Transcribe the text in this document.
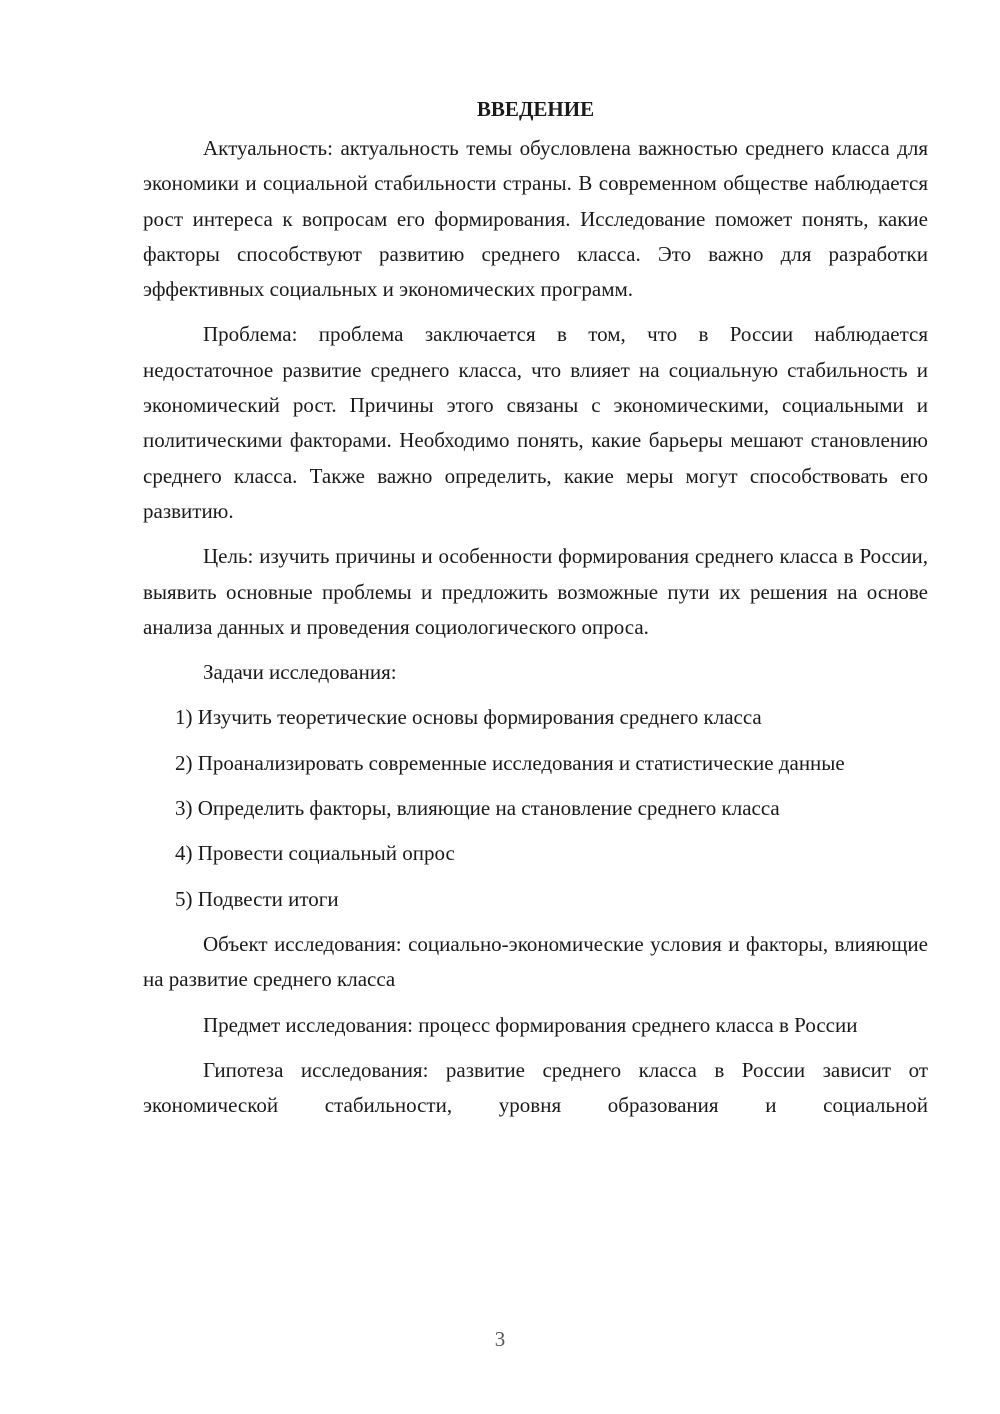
ВВЕДЕНИЕ

Актуальность: актуальность темы обусловлена важностью среднего класса для экономики и социальной стабильности страны. В современном обществе наблюдается рост интереса к вопросам его формирования. Исследование поможет понять, какие факторы способствуют развитию среднего класса. Это важно для разработки эффективных социальных и экономических программ.

Проблема: проблема заключается в том, что в России наблюдается недостаточное развитие среднего класса, что влияет на социальную стабильность и экономический рост. Причины этого связаны с экономическими, социальными и политическими факторами. Необходимо понять, какие барьеры мешают становлению среднего класса. Также важно определить, какие меры могут способствовать его развитию.

Цель: изучить причины и особенности формирования среднего класса в России, выявить основные проблемы и предложить возможные пути их решения на основе анализа данных и проведения социологического опроса.

Задачи исследования:

1) Изучить теоретические основы формирования среднего класса

2) Проанализировать современные исследования и статистические данные

3) Определить факторы, влияющие на становление среднего класса

4) Провести социальный опрос

5) Подвести итоги

Объект исследования: социально-экономические условия и факторы, влияющие на развитие среднего класса

Предмет исследования: процесс формирования среднего класса в России

Гипотеза исследования: развитие среднего класса в России зависит от экономической стабильности, уровня образования и социальной

3
